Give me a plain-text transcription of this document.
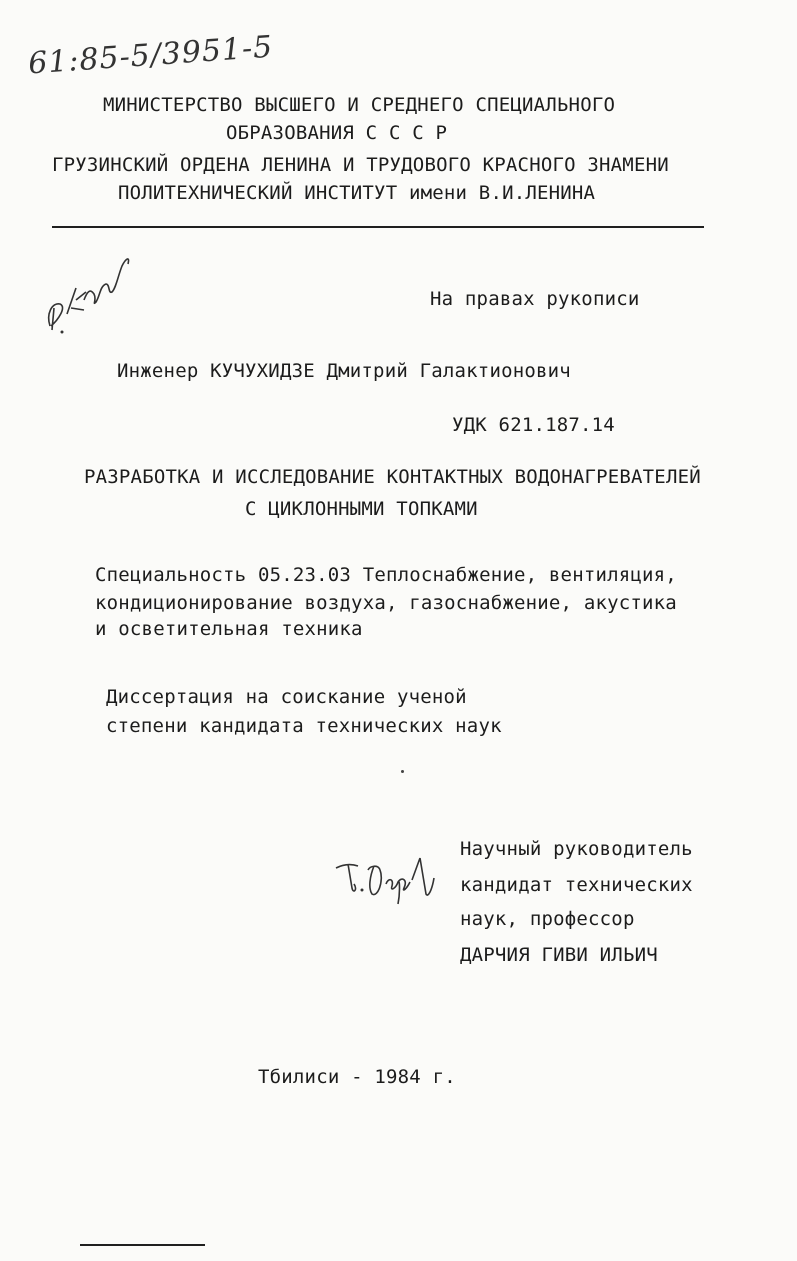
61:85-5/3951-5
МИНИСТЕРСТВО ВЫСШЕГО И СРЕДНЕГО СПЕЦИАЛЬНОГО
ОБРАЗОВАНИЯ С С С Р
ГРУЗИНСКИЙ ОРДЕНА ЛЕНИНА И ТРУДОВОГО КРАСНОГО ЗНАМЕНИ
ПОЛИТЕХНИЧЕСКИЙ ИНСТИТУТ имени В.И.ЛЕНИНА
На правах рукописи
Инженер КУЧУХИДЗЕ Дмитрий Галактионович
УДК 621.187.14
РАЗРАБОТКА И ИССЛЕДОВАНИЕ КОНТАКТНЫХ ВОДОНАГРЕВАТЕЛЕЙ
С ЦИКЛОННЫМИ ТОПКАМИ
Специальность 05.23.03 Теплоснабжение, вентиляция,
кондиционирование воздуха, газоснабжение, акустика
и осветительная техника
Диссертация на соискание ученой
степени кандидата технических наук
Научный руководитель
кандидат технических
наук, профессор
ДАРЧИЯ ГИВИ ИЛЬИЧ
Тбилиси - 1984 г.
